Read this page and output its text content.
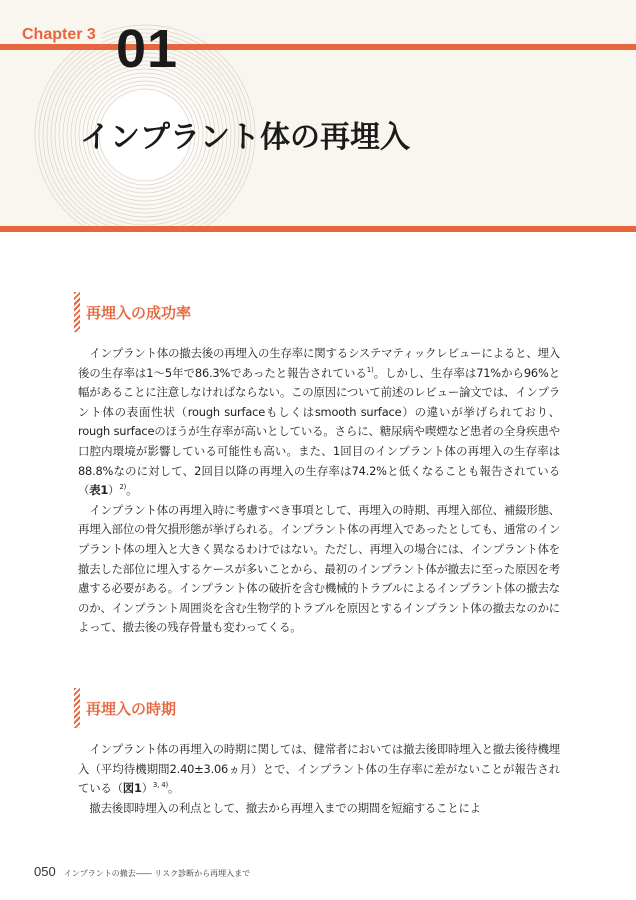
Chapter 3 01
インプラント体の再埋入
再埋入の成功率

インプラント体の撤去後の再埋入の生存率に関するシステマティックレビューによると、埋入後の生存率は1〜5年で86.3%であったと報告されている$^{1)}$。しかし、生存率は71%から96%と幅があることに注意しなければならない。この原因について前述のレビュー論文では、インプラント体の表面性状（rough surfaceもしくはsmooth surface）の違いが挙げられており、rough surfaceのほうが生存率が高いとしている。さらに、糖尿病や喫煙など患者の全身疾患や口腔内環境が影響している可能性も高い。また、1回目のインプラント体の再埋入の生存率は88.8%なのに対して、2回目以降の再埋入の生存率は74.2%と低くなることも報告されている（表1）$^{2)}$。

インプラント体の再埋入時に考慮すべき事項として、再埋入の時期、再埋入部位、補綴形態、再埋入部位の骨欠損形態が挙げられる。インプラント体の再埋入であったとしても、通常のインプラント体の埋入と大きく異なるわけではない。ただし、再埋入の場合には、インプラント体を撤去した部位に埋入するケースが多いことから、最初のインプラント体が撤去に至った原因を考慮する必要がある。インプラント体の破折を含む機械的トラブルによるインプラント体の撤去なのか、インプラント周囲炎を含む生物学的トラブルを原因とするインプラント体の撤去なのかによって、撤去後の残存骨量も変わってくる。

再埋入の時期

インプラント体の再埋入の時期に関しては、健常者においては撤去後即時埋入と撤去後待機埋入（平均待機期間2.40±3.06ヵ月）とで、インプラント体の生存率に差がないことが報告されている（図1）$^{3, 4)}$。

撤去後即時埋入の利点として、撤去から再埋入までの期間を短縮することによ

050 インプラントの撤去―― リスク診断から再埋入まで
